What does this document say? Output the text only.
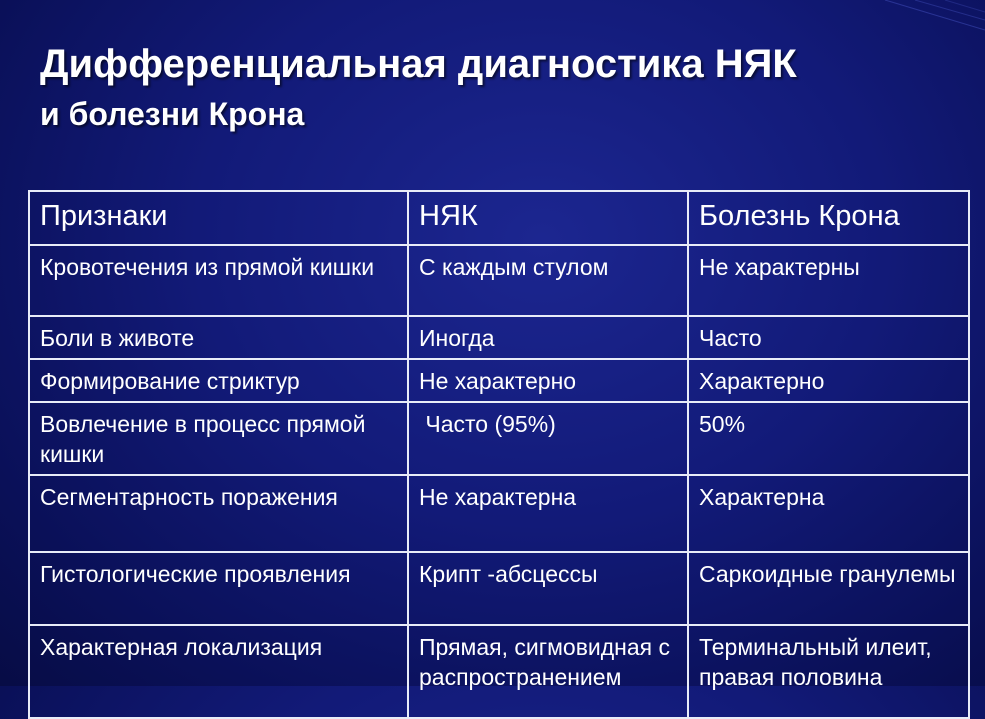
Дифференциальная диагностика НЯК
и болезни Крона
Признаки	НЯК	Болезнь Крона
Кровотечения из прямой кишки	С каждым стулом	Не характерны
Боли в животе	Иногда	Часто
Формирование стриктур	Не характерно	Характерно
Вовлечение в процесс прямой кишки	Часто (95%)	50%
Сегментарность поражения	Не характерна	Характерна
Гистологические проявления	Крипт -абсцессы	Саркоидные гранулемы
Характерная локализация	Прямая, сигмовидная с распространением	Терминальный илеит, правая половина
